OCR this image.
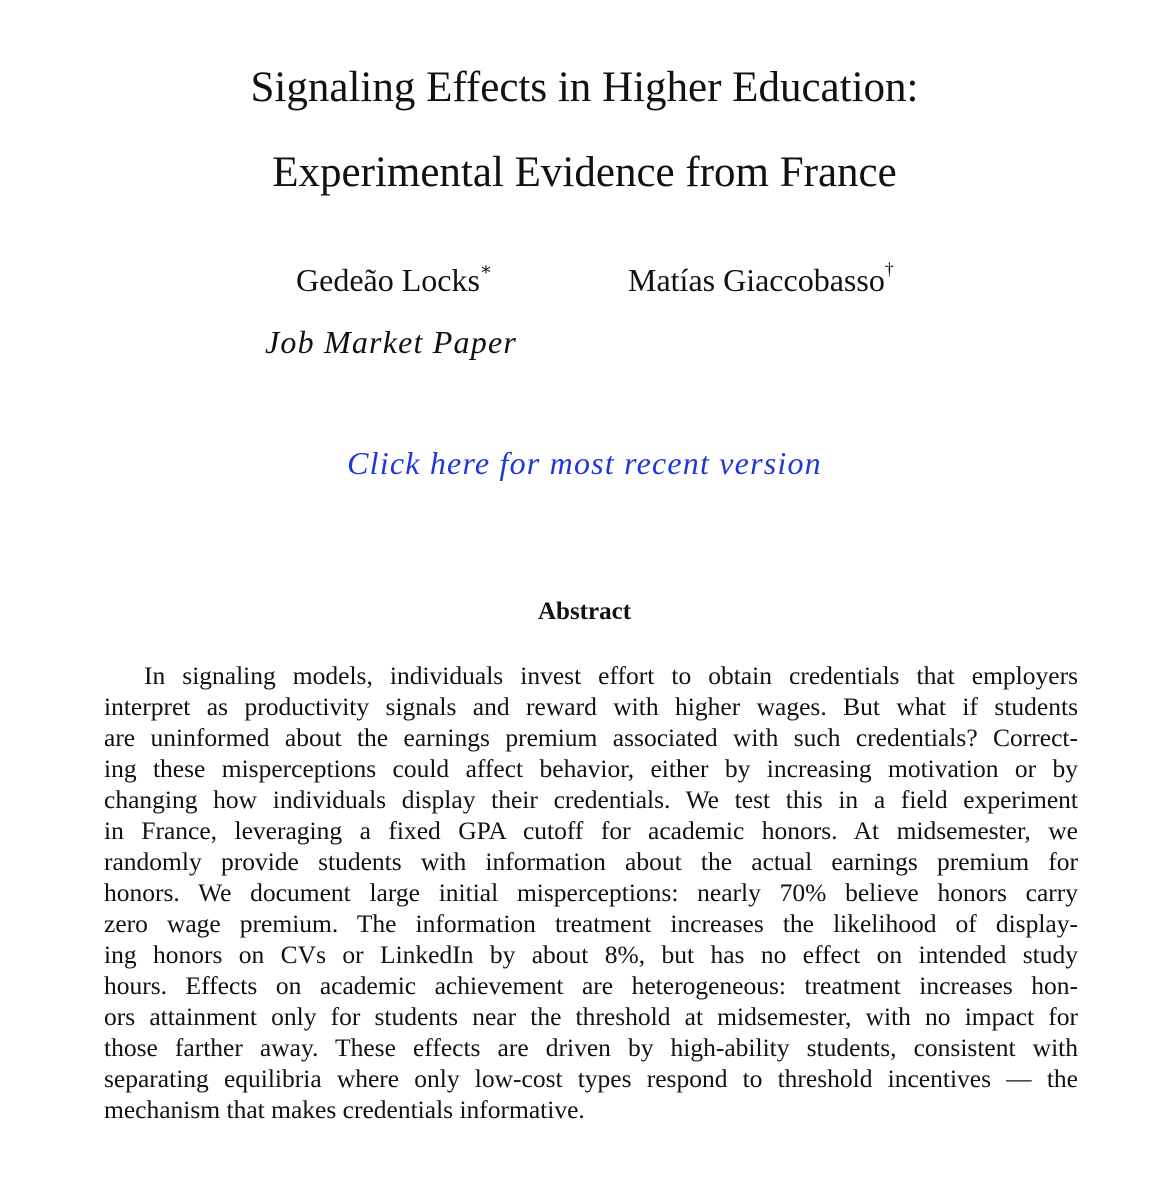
Signaling Effects in Higher Education:
Experimental Evidence from France
Gedeão Locks∗	Matías Giaccobasso†
Job Market Paper
Click here for most recent version
Abstract
In signaling models, individuals invest effort to obtain credentials that employers
interpret as productivity signals and reward with higher wages. But what if students
are uninformed about the earnings premium associated with such credentials? Correct-
ing these misperceptions could affect behavior, either by increasing motivation or by
changing how individuals display their credentials. We test this in a field experiment
in France, leveraging a fixed GPA cutoff for academic honors. At midsemester, we
randomly provide students with information about the actual earnings premium for
honors. We document large initial misperceptions: nearly 70% believe honors carry
zero wage premium. The information treatment increases the likelihood of display-
ing honors on CVs or LinkedIn by about 8%, but has no effect on intended study
hours. Effects on academic achievement are heterogeneous: treatment increases hon-
ors attainment only for students near the threshold at midsemester, with no impact for
those farther away. These effects are driven by high-ability students, consistent with
separating equilibria where only low-cost types respond to threshold incentives — the
mechanism that makes credentials informative.
